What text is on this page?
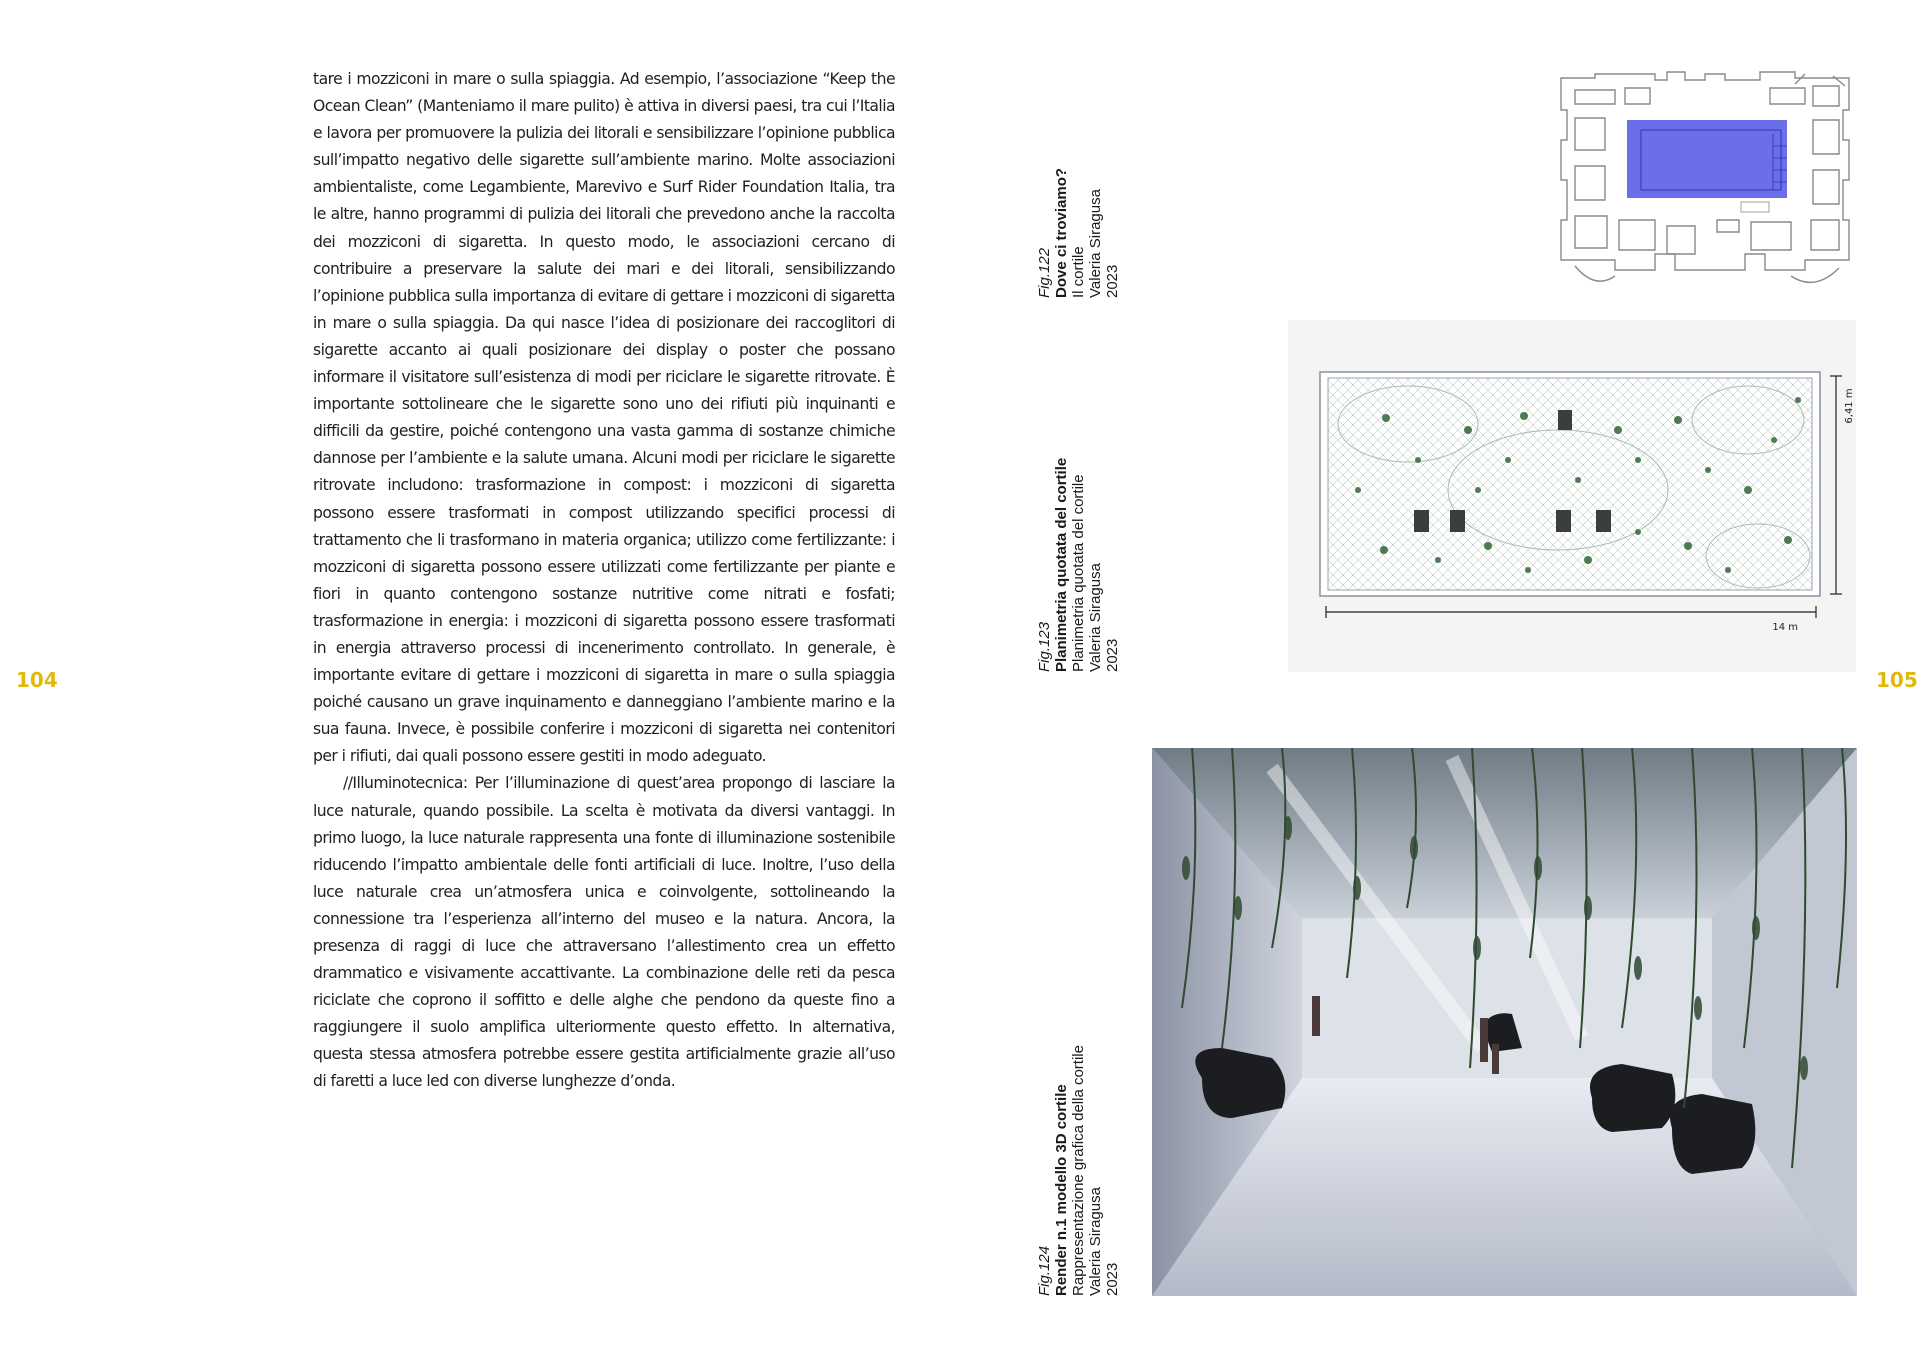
104	105

tare i mozziconi in mare o sulla spiaggia. Ad esempio, l’associazione “Keep the Ocean Clean” (Manteniamo il mare pulito) è attiva in diversi paesi, tra cui l’Italia e lavora per promuovere la pulizia dei litorali e sensibilizzare l’opinione pubblica sull’impatto negativo delle sigarette sull’ambiente marino. Molte associazioni ambientaliste, come Legambiente, Marevivo e Surf Rider Foundation Italia, tra le altre, hanno programmi di pulizia dei litorali che prevedono anche la raccolta dei mozziconi di sigaretta. In questo modo, le associazioni cercano di contribuire a preservare la salute dei mari e dei litorali, sensibilizzando l’opinione pubblica sulla importanza di evitare di gettare i mozziconi di sigaretta in mare o sulla spiaggia. Da qui nasce l’idea di posizionare dei raccoglitori di sigarette accanto ai quali posizionare dei display o poster che possano informare il visitatore sull’esistenza di modi per riciclare le sigarette ritrovate. È importante sottolineare che le sigarette sono uno dei rifiuti più inquinanti e difficili da gestire, poiché contengono una vasta gamma di sostanze chimiche dannose per l’ambiente e la salute umana. Alcuni modi per riciclare le sigarette ritrovate includono: trasformazione in compost: i mozziconi di sigaretta possono essere trasformati in compost utilizzando specifici processi di trattamento che li trasformano in materia organica; utilizzo come fertilizzante: i mozziconi di sigaretta possono essere utilizzati come fertilizzante per piante e fiori in quanto contengono sostanze nutritive come nitrati e fosfati; trasformazione in energia: i mozziconi di sigaretta possono essere trasformati in energia attraverso processi di incenerimento controllato. In generale, è importante evitare di gettare i mozziconi di sigaretta in mare o sulla spiaggia poiché causano un grave inquinamento e danneggiano l’ambiente marino e la sua fauna. Invece, è possibile conferire i mozziconi di sigaretta nei contenitori per i rifiuti, dai quali possono essere gestiti in modo adeguato.

//Illuminotecnica: Per l’illuminazione di quest’area propongo di lasciare la luce naturale, quando possibile. La scelta è motivata da diversi vantaggi. In primo luogo, la luce naturale rappresenta una fonte di illuminazione sostenibile riducendo l’impatto ambientale delle fonti artificiali di luce. Inoltre, l’uso della luce naturale crea un’atmosfera unica e coinvolgente, sottolineando la connessione tra l’esperienza all’interno del museo e la natura. Ancora, la presenza di raggi di luce che attraversano l’allestimento crea un effetto drammatico e visivamente accattivante. La combinazione delle reti da pesca riciclate che coprono il soffitto e delle alghe che pendono da queste fino a raggiungere il suolo amplifica ulteriormente questo effetto. In alternativa, questa stessa atmosfera potrebbe essere gestita artificialmente grazie all’uso di faretti a luce led con diverse lunghezze d’onda.

Fig.122 Dove ci troviamo? Il cortile Valeria Siragusa 2023
Fig.123 Planimetria quotata del cortile Planimetria quotata del cortile Valeria Siragusa 2023
Fig.124 Render n.1 modello 3D cortile Rappresentazione grafica della cortile Valeria Siragusa 2023
14 m
6,41 m
